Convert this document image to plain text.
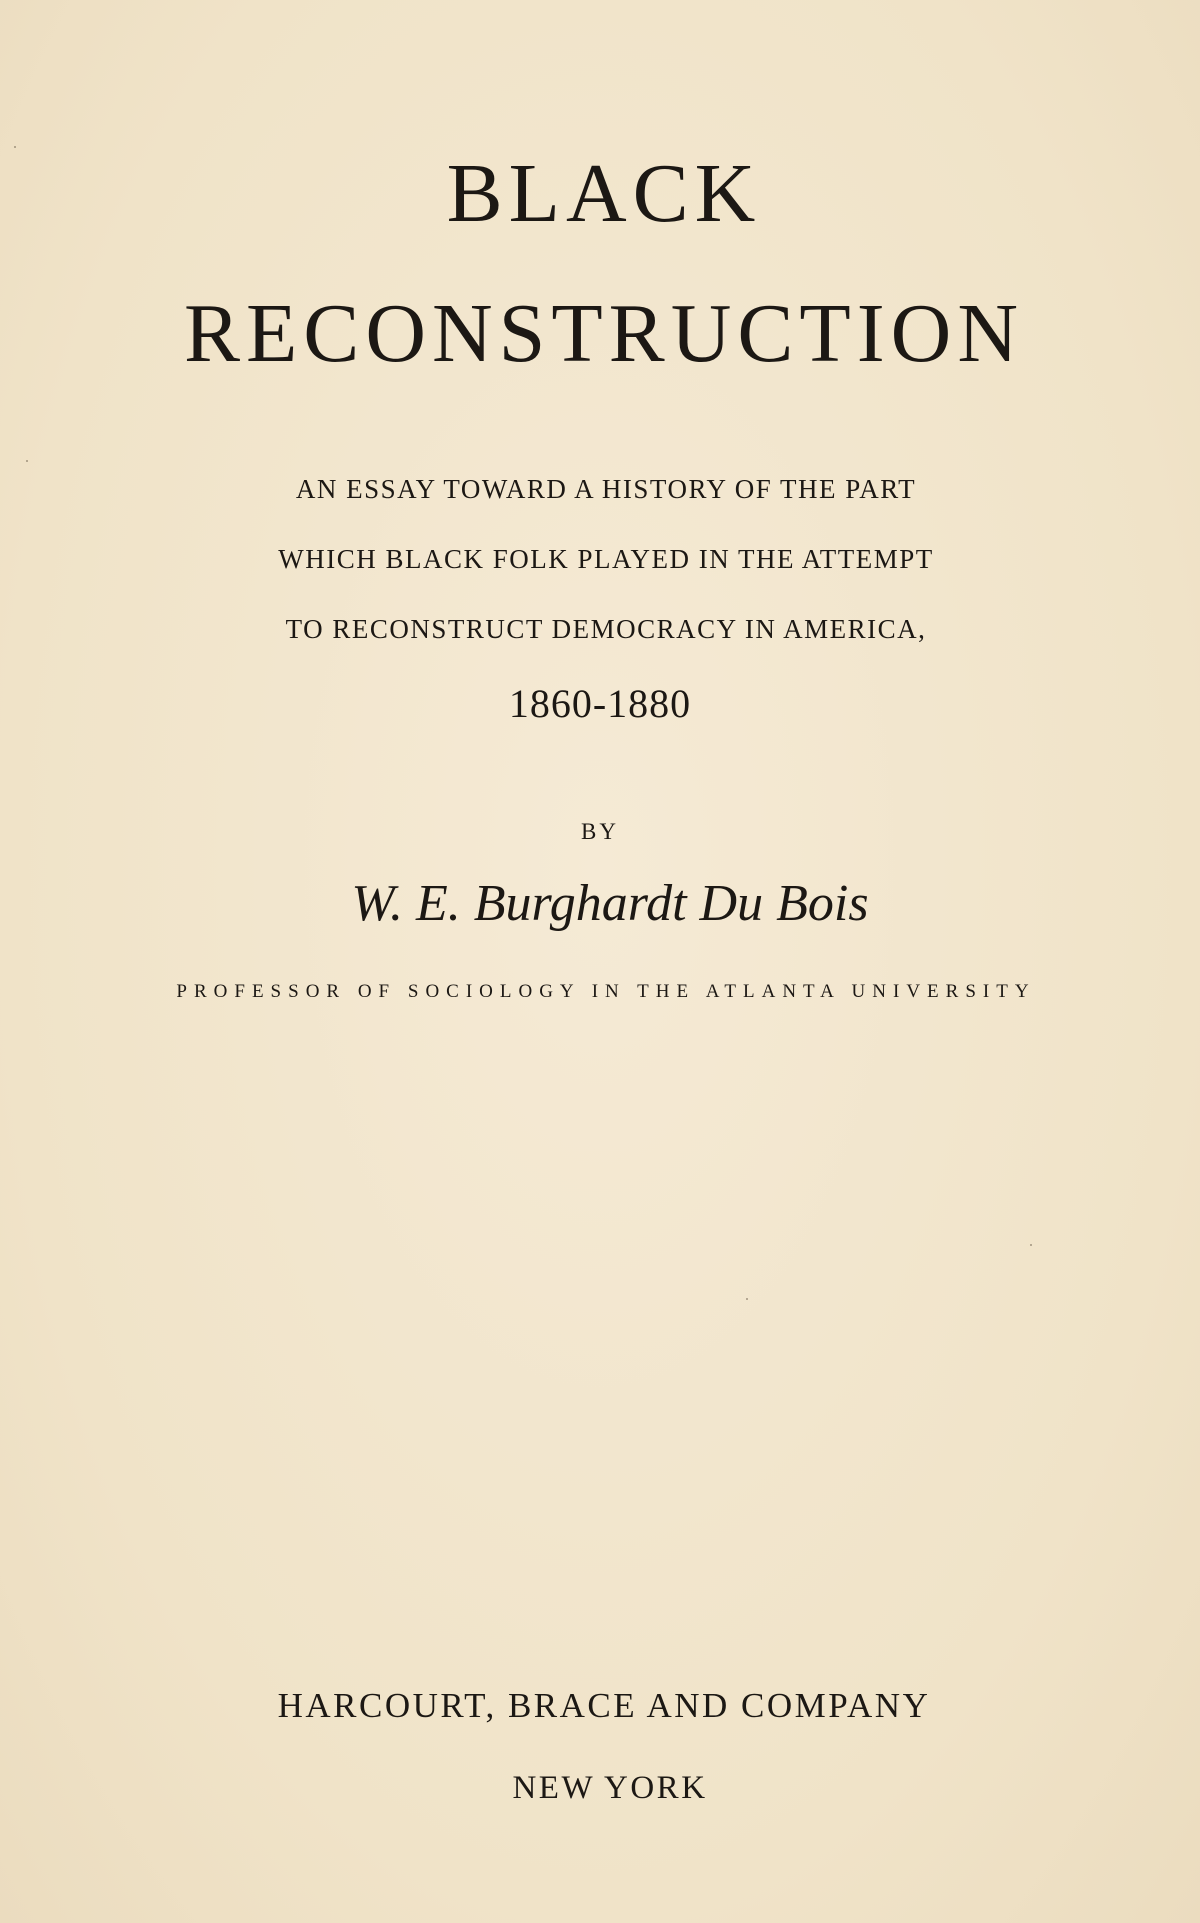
BLACK
RECONSTRUCTION
AN ESSAY TOWARD A HISTORY OF THE PART
WHICH BLACK FOLK PLAYED IN THE ATTEMPT
TO RECONSTRUCT DEMOCRACY IN AMERICA,
1860-1880
BY
W. E. Burghardt Du Bois
PROFESSOR OF SOCIOLOGY IN THE ATLANTA UNIVERSITY
HARCOURT, BRACE AND COMPANY
NEW YORK
